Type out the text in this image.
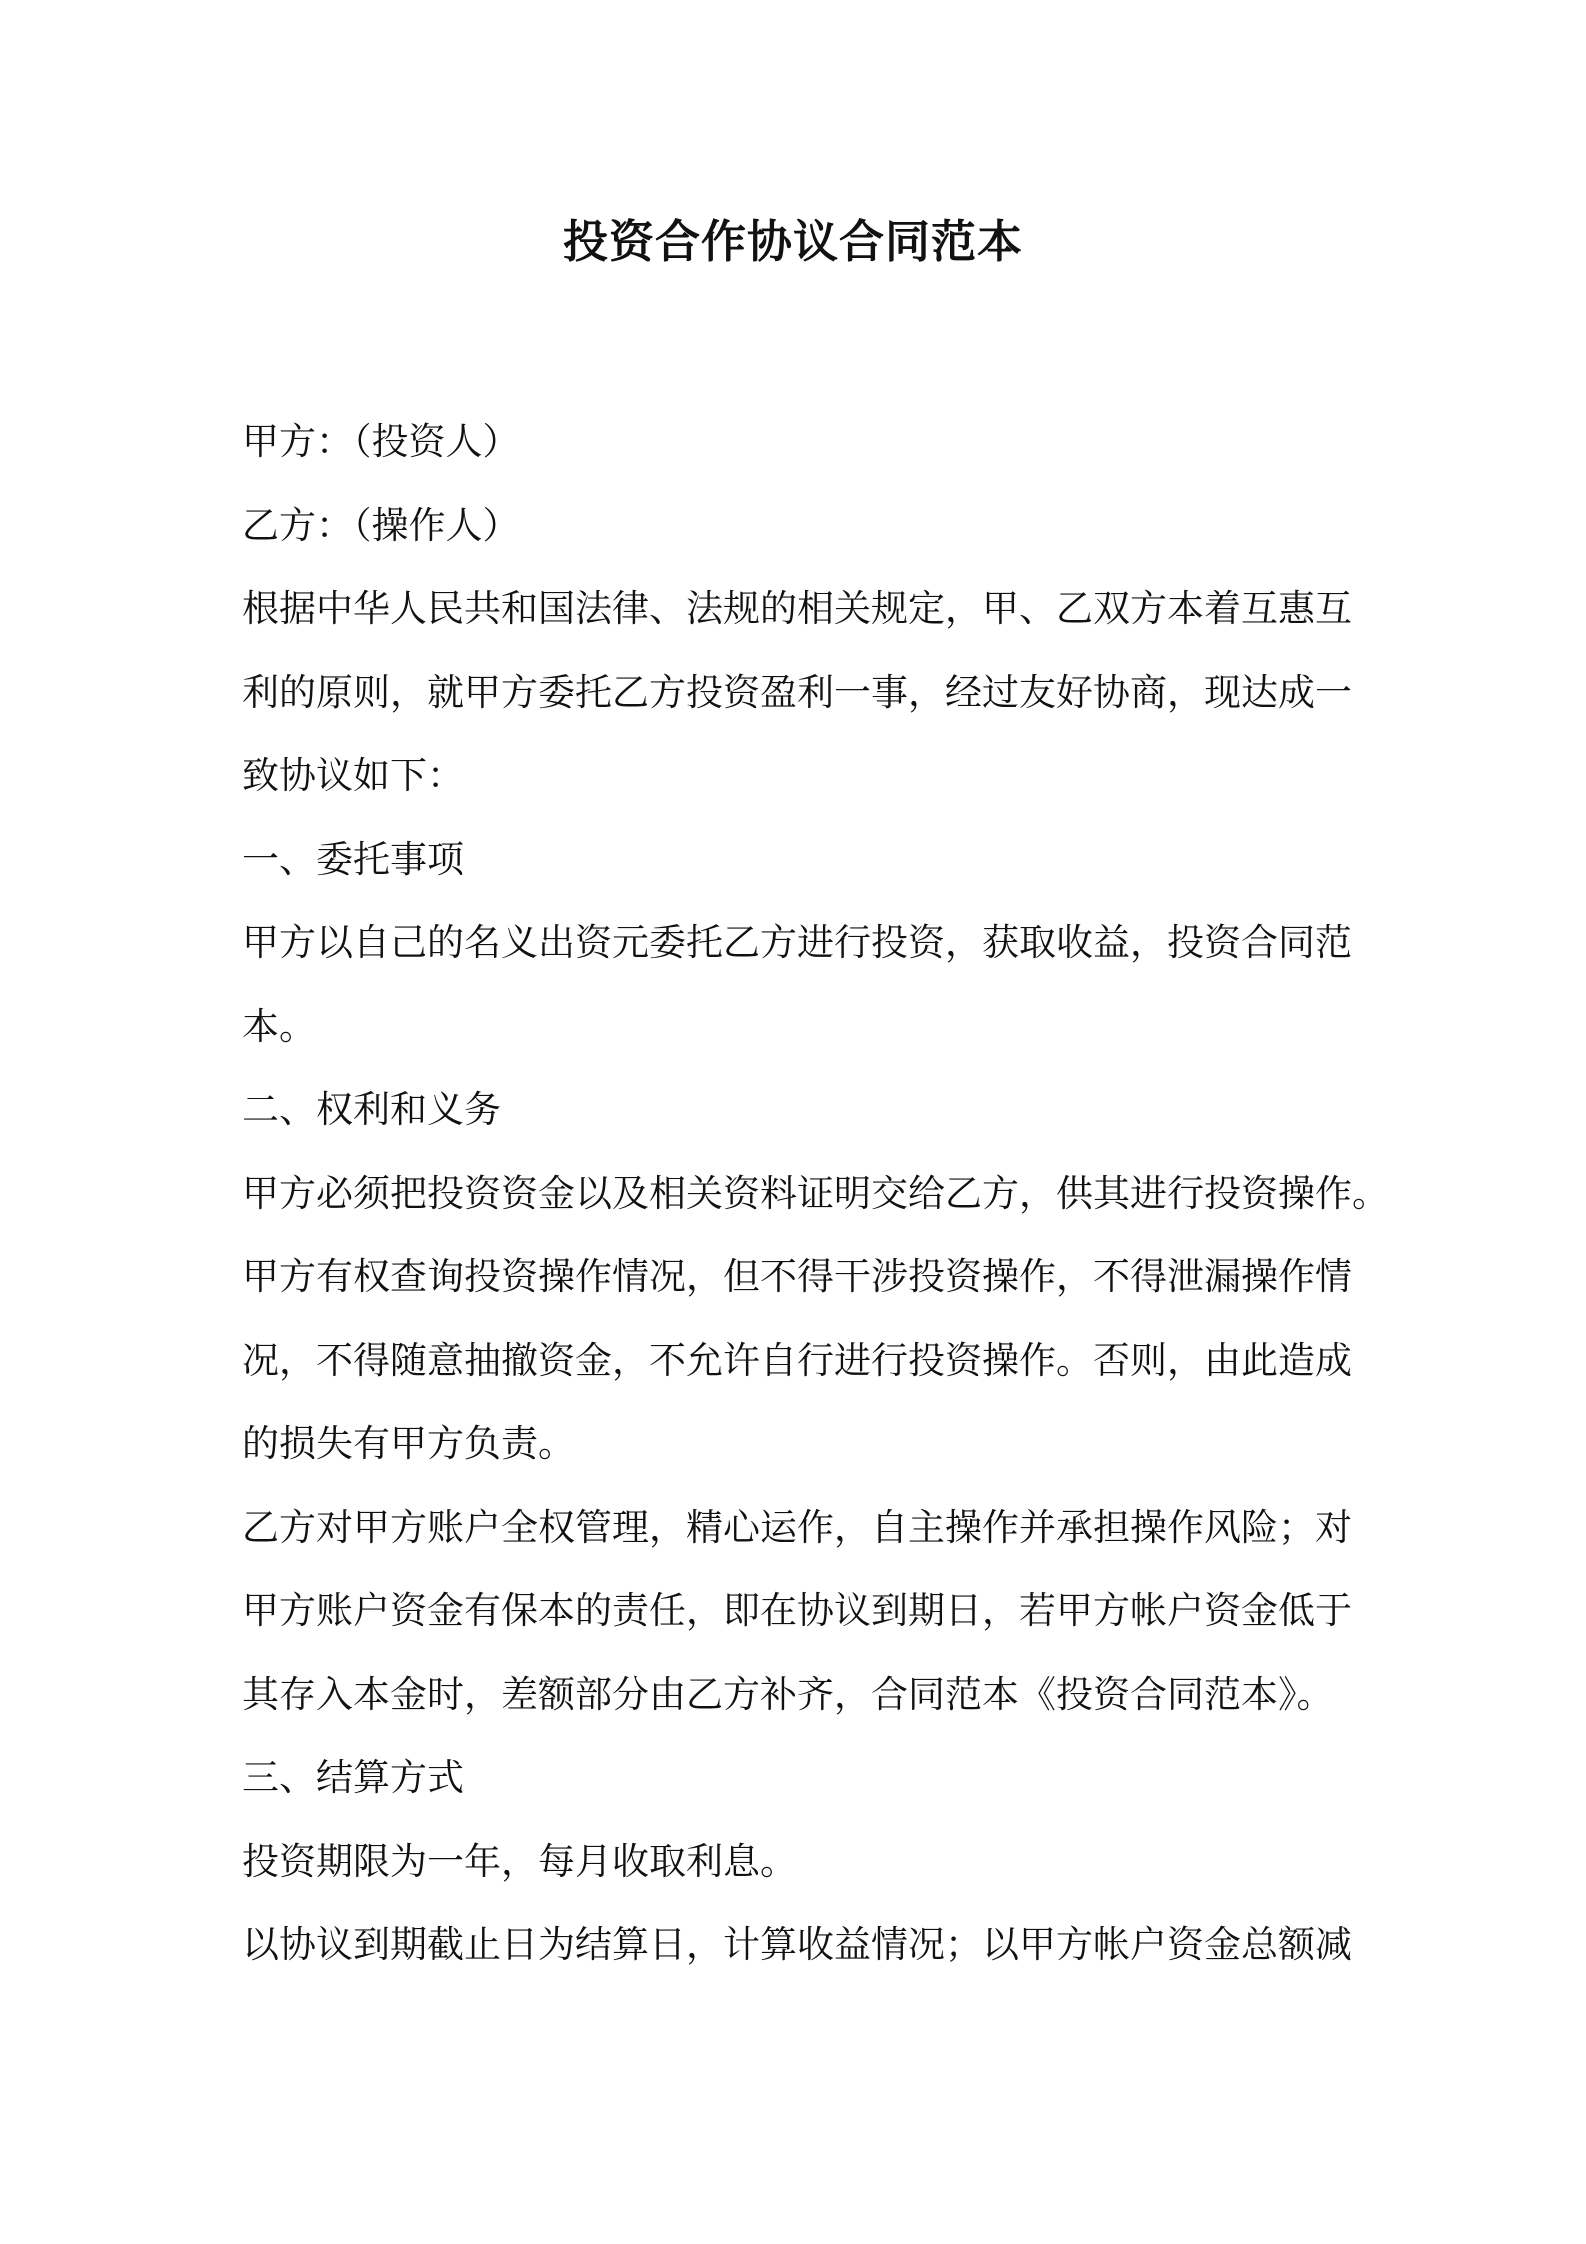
投资合作协议合同范本

甲方：（投资人）

乙方：（操作人）

根据中华人民共和国法律、法规的相关规定，甲、乙双方本着互惠互

利的原则，就甲方委托乙方投资盈利一事，经过友好协商，现达成一

致协议如下：

一、委托事项

甲方以自己的名义出资元委托乙方进行投资，获取收益，投资合同范

本。

二、权利和义务

甲方必须把投资资金以及相关资料证明交给乙方，供其进行投资操作。

甲方有权查询投资操作情况，但不得干涉投资操作，不得泄漏操作情

况，不得随意抽撤资金，不允许自行进行投资操作。否则，由此造成

的损失有甲方负责。

乙方对甲方账户全权管理，精心运作，自主操作并承担操作风险；对

甲方账户资金有保本的责任，即在协议到期日，若甲方帐户资金低于

其存入本金时，差额部分由乙方补齐，合同范本《投资合同范本》。

三、结算方式

投资期限为一年，每月收取利息。

以协议到期截止日为结算日，计算收益情况；以甲方帐户资金总额减
